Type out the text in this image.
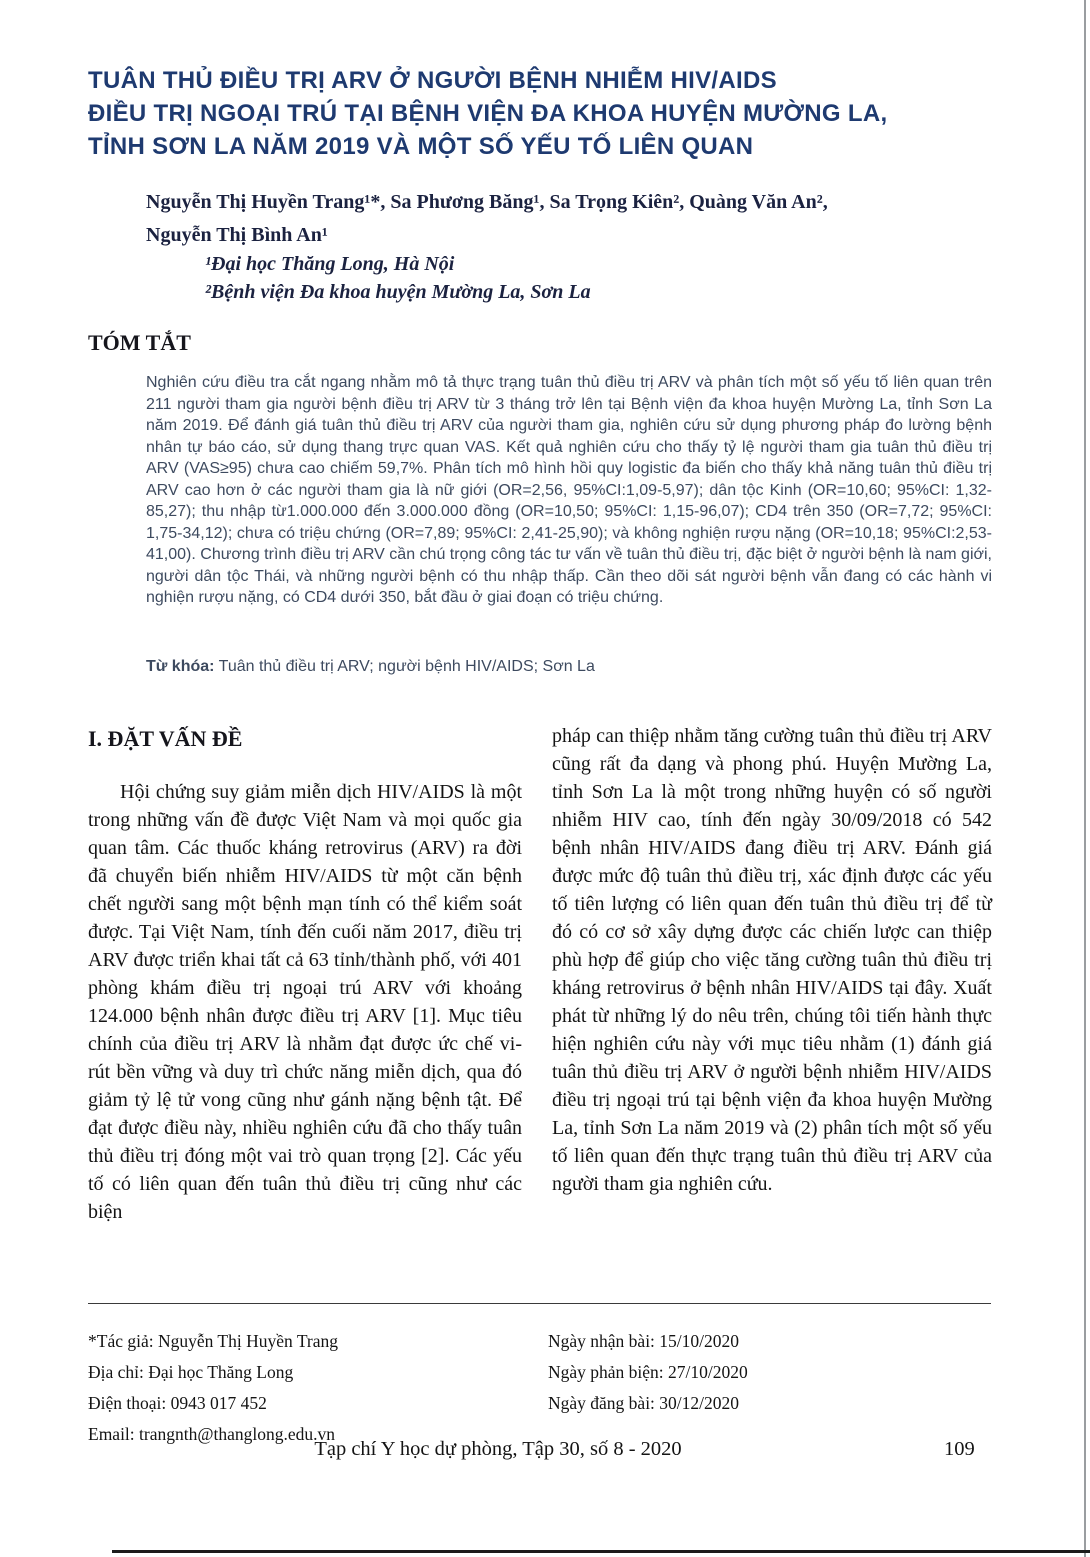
TUÂN THỦ ĐIỀU TRỊ ARV Ở NGƯỜI BỆNH NHIỄM HIV/AIDS
ĐIỀU TRỊ NGOẠI TRÚ TẠI BỆNH VIỆN ĐA KHOA HUYỆN MƯỜNG LA,
TỈNH SƠN LA NĂM 2019 VÀ MỘT SỐ YẾU TỐ LIÊN QUAN
Nguyễn Thị Huyền Trang¹*, Sa Phương Băng¹, Sa Trọng Kiên², Quàng Văn An²,
Nguyễn Thị Bình An¹
¹Đại học Thăng Long, Hà Nội
²Bệnh viện Đa khoa huyện Mường La, Sơn La
TÓM TẮT
Nghiên cứu điều tra cắt ngang nhằm mô tả thực trạng tuân thủ điều trị ARV và phân tích một số yếu tố liên quan trên 211 người tham gia người bệnh điều trị ARV từ 3 tháng trở lên tại Bệnh viện đa khoa huyện Mường La, tỉnh Sơn La năm 2019. Để đánh giá tuân thủ điều trị ARV của người tham gia, nghiên cứu sử dụng phương pháp đo lường bệnh nhân tự báo cáo, sử dụng thang trực quan VAS. Kết quả nghiên cứu cho thấy tỷ lệ người tham gia tuân thủ điều trị ARV (VAS≥95) chưa cao chiếm 59,7%. Phân tích mô hình hồi quy logistic đa biến cho thấy khả năng tuân thủ điều trị ARV cao hơn ở các người tham gia là nữ giới (OR=2,56, 95%CI:1,09-5,97); dân tộc Kinh (OR=10,60; 95%CI: 1,32-85,27); thu nhập từ1.000.000 đến 3.000.000 đồng (OR=10,50; 95%CI: 1,15-96,07); CD4 trên 350 (OR=7,72; 95%CI: 1,75-34,12); chưa có triệu chứng (OR=7,89; 95%CI: 2,41-25,90); và không nghiện rượu nặng (OR=10,18; 95%CI:2,53-41,00). Chương trình điều trị ARV cần chú trọng công tác tư vấn về tuân thủ điều trị, đặc biệt ở người bệnh là nam giới, người dân tộc Thái, và những người bệnh có thu nhập thấp. Cần theo dõi sát người bệnh vẫn đang có các hành vi nghiện rượu nặng, có CD4 dưới 350, bắt đầu ở giai đoạn có triệu chứng.
Từ khóa: Tuân thủ điều trị ARV; người bệnh HIV/AIDS; Sơn La
I. ĐẶT VẤN ĐỀ
Hội chứng suy giảm miễn dịch HIV/AIDS là một trong những vấn đề được Việt Nam và mọi quốc gia quan tâm. Các thuốc kháng retrovirus (ARV) ra đời đã chuyển biến nhiễm HIV/AIDS từ một căn bệnh chết người sang một bệnh mạn tính có thể kiểm soát được. Tại Việt Nam, tính đến cuối năm 2017, điều trị ARV được triển khai tất cả 63 tỉnh/thành phố, với 401 phòng khám điều trị ngoại trú ARV với khoảng 124.000 bệnh nhân được điều trị ARV [1]. Mục tiêu chính của điều trị ARV là nhằm đạt được ức chế vi-rút bền vững và duy trì chức năng miễn dịch, qua đó giảm tỷ lệ tử vong cũng như gánh nặng bệnh tật. Để đạt được điều này, nhiều nghiên cứu đã cho thấy tuân thủ điều trị đóng một vai trò quan trọng [2]. Các yếu tố có liên quan đến tuân thủ điều trị cũng như các biện
pháp can thiệp nhằm tăng cường tuân thủ điều trị ARV cũng rất đa dạng và phong phú. Huyện Mường La, tỉnh Sơn La là một trong những huyện có số người nhiễm HIV cao, tính đến ngày 30/09/2018 có 542 bệnh nhân HIV/AIDS đang điều trị ARV. Đánh giá được mức độ tuân thủ điều trị, xác định được các yếu tố tiên lượng có liên quan đến tuân thủ điều trị để từ đó có cơ sở xây dựng được các chiến lược can thiệp phù hợp để giúp cho việc tăng cường tuân thủ điều trị kháng retrovirus ở bệnh nhân HIV/AIDS tại đây. Xuất phát từ những lý do nêu trên, chúng tôi tiến hành thực hiện nghiên cứu này với mục tiêu nhằm (1) đánh giá tuân thủ điều trị ARV ở người bệnh nhiễm HIV/AIDS điều trị ngoại trú tại bệnh viện đa khoa huyện Mường La, tỉnh Sơn La năm 2019 và (2) phân tích một số yếu tố liên quan đến thực trạng tuân thủ điều trị ARV của người tham gia nghiên cứu.
*Tác giả: Nguyễn Thị Huyền Trang
Địa chỉ: Đại học Thăng Long
Điện thoại: 0943 017 452
Email: trangnth@thanglong.edu.vn
Ngày nhận bài: 15/10/2020
Ngày phản biện: 27/10/2020
Ngày đăng bài: 30/12/2020
Tạp chí Y học dự phòng, Tập 30, số 8 - 2020	109
